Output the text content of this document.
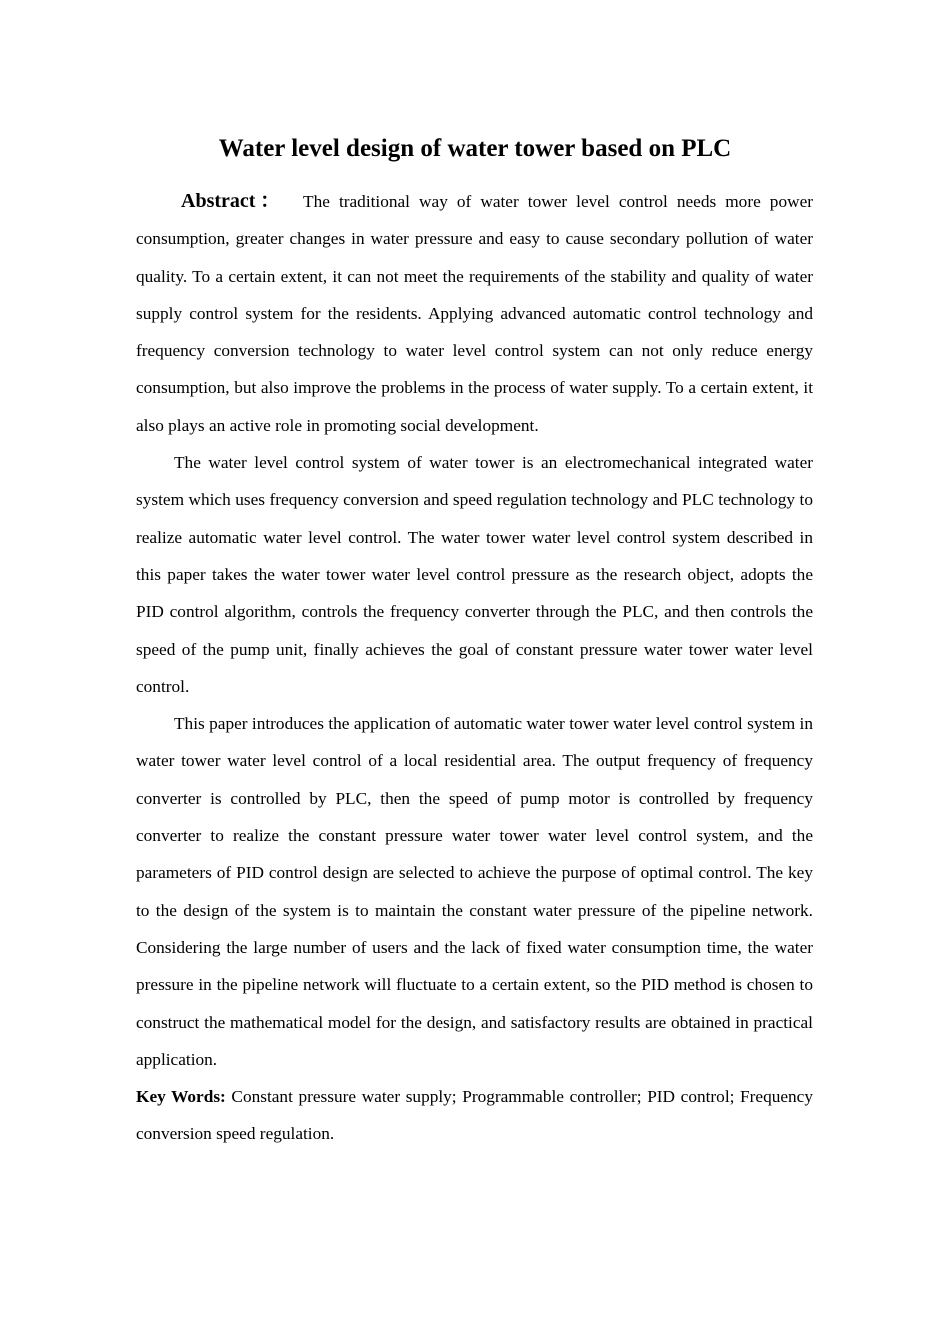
Water level design of water tower based on PLC

Abstract： The traditional way of water tower level control needs more power consumption, greater changes in water pressure and easy to cause secondary pollution of water quality. To a certain extent, it can not meet the requirements of the stability and quality of water supply control system for the residents. Applying advanced automatic control technology and frequency conversion technology to water level control system can not only reduce energy consumption, but also improve the problems in the process of water supply. To a certain extent, it also plays an active role in promoting social development.

The water level control system of water tower is an electromechanical integrated water system which uses frequency conversion and speed regulation technology and PLC technology to realize automatic water level control. The water tower water level control system described in this paper takes the water tower water level control pressure as the research object, adopts the PID control algorithm, controls the frequency converter through the PLC, and then controls the speed of the pump unit, finally achieves the goal of constant pressure water tower water level control.

This paper introduces the application of automatic water tower water level control system in water tower water level control of a local residential area. The output frequency of frequency converter is controlled by PLC, then the speed of pump motor is controlled by frequency converter to realize the constant pressure water tower water level control system, and the parameters of PID control design are selected to achieve the purpose of optimal control. The key to the design of the system is to maintain the constant water pressure of the pipeline network. Considering the large number of users and the lack of fixed water consumption time, the water pressure in the pipeline network will fluctuate to a certain extent, so the PID method is chosen to construct the mathematical model for the design, and satisfactory results are obtained in practical application.

Key Words: Constant pressure water supply; Programmable controller; PID control; Frequency conversion speed regulation.
